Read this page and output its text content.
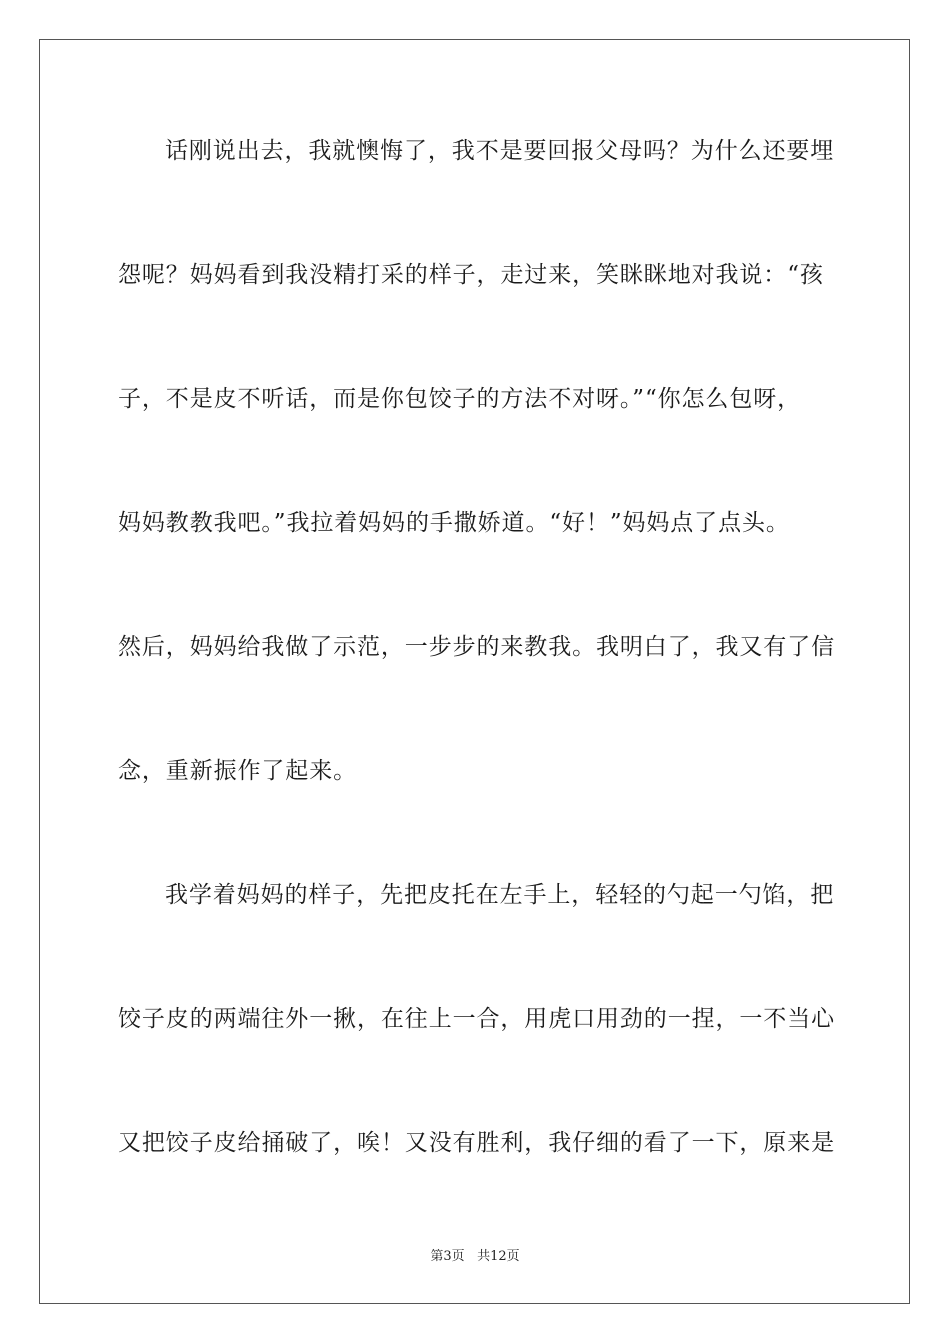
话刚说出去，我就懊悔了，我不是要回报父母吗？为什么还要埋
怨呢？妈妈看到我没精打采的样子，走过来，笑眯眯地对我说：“孩
子，不是皮不听话，而是你包饺子的方法不对呀。”“你怎么包呀，
妈妈教教我吧。”我拉着妈妈的手撒娇道。“好！”妈妈点了点头。
然后，妈妈给我做了示范，一步步的来教我。我明白了，我又有了信
念，重新振作了起来。
我学着妈妈的样子，先把皮托在左手上，轻轻的勺起一勺馅，把
饺子皮的两端往外一揪，在往上一合，用虎口用劲的一捏，一不当心
又把饺子皮给捅破了，唉！又没有胜利，我仔细的看了一下，原来是
第3页 共12页
